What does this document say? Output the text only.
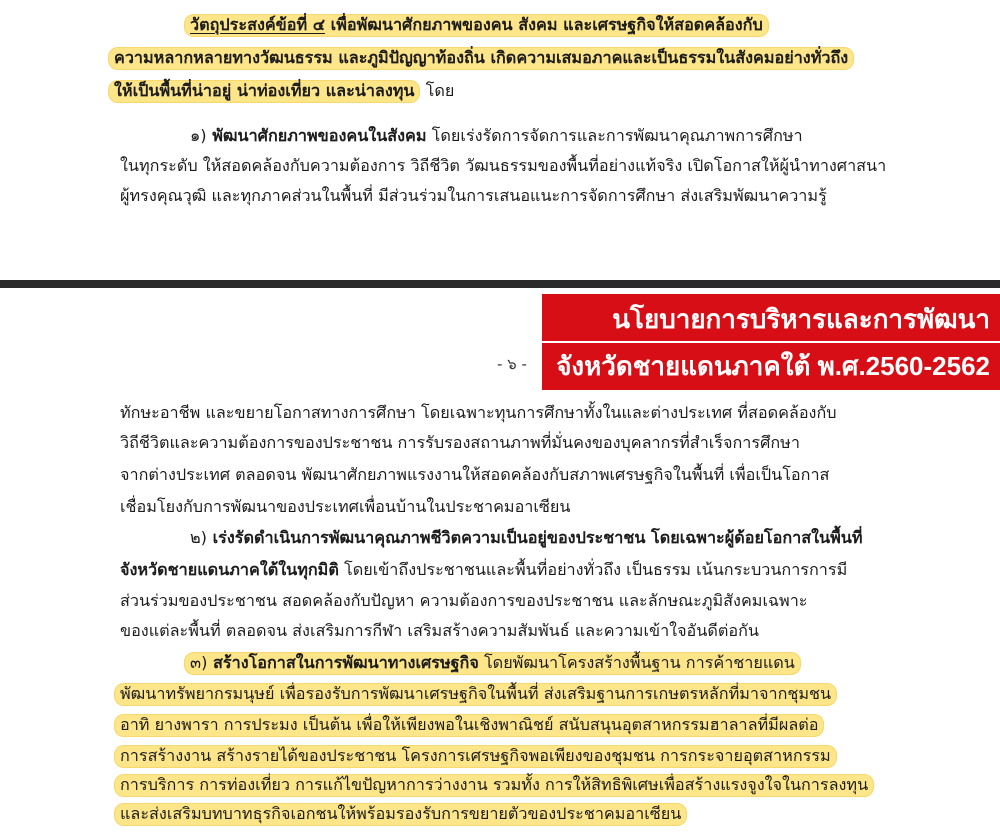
วัตถุประสงค์ข้อที่ ๔ เพื่อพัฒนาศักยภาพของคน สังคม และเศรษฐกิจให้สอดคล้องกับ
ความหลากหลายทางวัฒนธรรม และภูมิปัญญาท้องถิ่น เกิดความเสมอภาคและเป็นธรรมในสังคมอย่างทั่วถึง
ให้เป็นพื้นที่น่าอยู่ น่าท่องเที่ยว และน่าลงทุน โดย
๑) พัฒนาศักยภาพของคนในสังคม โดยเร่งรัดการจัดการและการพัฒนาคุณภาพการศึกษา
ในทุกระดับ ให้สอดคล้องกับความต้องการ วิถีชีวิต วัฒนธรรมของพื้นที่อย่างแท้จริง เปิดโอกาสให้ผู้นำทางศาสนา
ผู้ทรงคุณวุฒิ และทุกภาคส่วนในพื้นที่ มีส่วนร่วมในการเสนอแนะการจัดการศึกษา ส่งเสริมพัฒนาความรู้
นโยบายการบริหารและการพัฒนา
จังหวัดชายแดนภาคใต้ พ.ศ.2560-2562
- ๖ -
ทักษะอาชีพ และขยายโอกาสทางการศึกษา โดยเฉพาะทุนการศึกษาทั้งในและต่างประเทศ ที่สอดคล้องกับ
วิถีชีวิตและความต้องการของประชาชน การรับรองสถานภาพที่มั่นคงของบุคลากรที่สำเร็จการศึกษา
จากต่างประเทศ ตลอดจน พัฒนาศักยภาพแรงงานให้สอดคล้องกับสภาพเศรษฐกิจในพื้นที่ เพื่อเป็นโอกาส
เชื่อมโยงกับการพัฒนาของประเทศเพื่อนบ้านในประชาคมอาเซียน
๒) เร่งรัดดำเนินการพัฒนาคุณภาพชีวิตความเป็นอยู่ของประชาชน โดยเฉพาะผู้ด้อยโอกาสในพื้นที่
จังหวัดชายแดนภาคใต้ในทุกมิติ โดยเข้าถึงประชาชนและพื้นที่อย่างทั่วถึง เป็นธรรม เน้นกระบวนการการมี
ส่วนร่วมของประชาชน สอดคล้องกับปัญหา ความต้องการของประชาชน และลักษณะภูมิสังคมเฉพาะ
ของแต่ละพื้นที่ ตลอดจน ส่งเสริมการกีฬา เสริมสร้างความสัมพันธ์ และความเข้าใจอันดีต่อกัน
๓) สร้างโอกาสในการพัฒนาทางเศรษฐกิจ โดยพัฒนาโครงสร้างพื้นฐาน การค้าชายแดน
พัฒนาทรัพยากรมนุษย์ เพื่อรองรับการพัฒนาเศรษฐกิจในพื้นที่ ส่งเสริมฐานการเกษตรหลักที่มาจากชุมชน
อาทิ ยางพารา การประมง เป็นต้น เพื่อให้เพียงพอในเชิงพาณิชย์ สนับสนุนอุตสาหกรรมฮาลาลที่มีผลต่อ
การสร้างงาน สร้างรายได้ของประชาชน โครงการเศรษฐกิจพอเพียงของชุมชน การกระจายอุตสาหกรรม
การบริการ การท่องเที่ยว การแก้ไขปัญหาการว่างงาน รวมทั้ง การให้สิทธิพิเศษเพื่อสร้างแรงจูงใจในการลงทุน
และส่งเสริมบทบาทธุรกิจเอกชนให้พร้อมรองรับการขยายตัวของประชาคมอาเซียน
